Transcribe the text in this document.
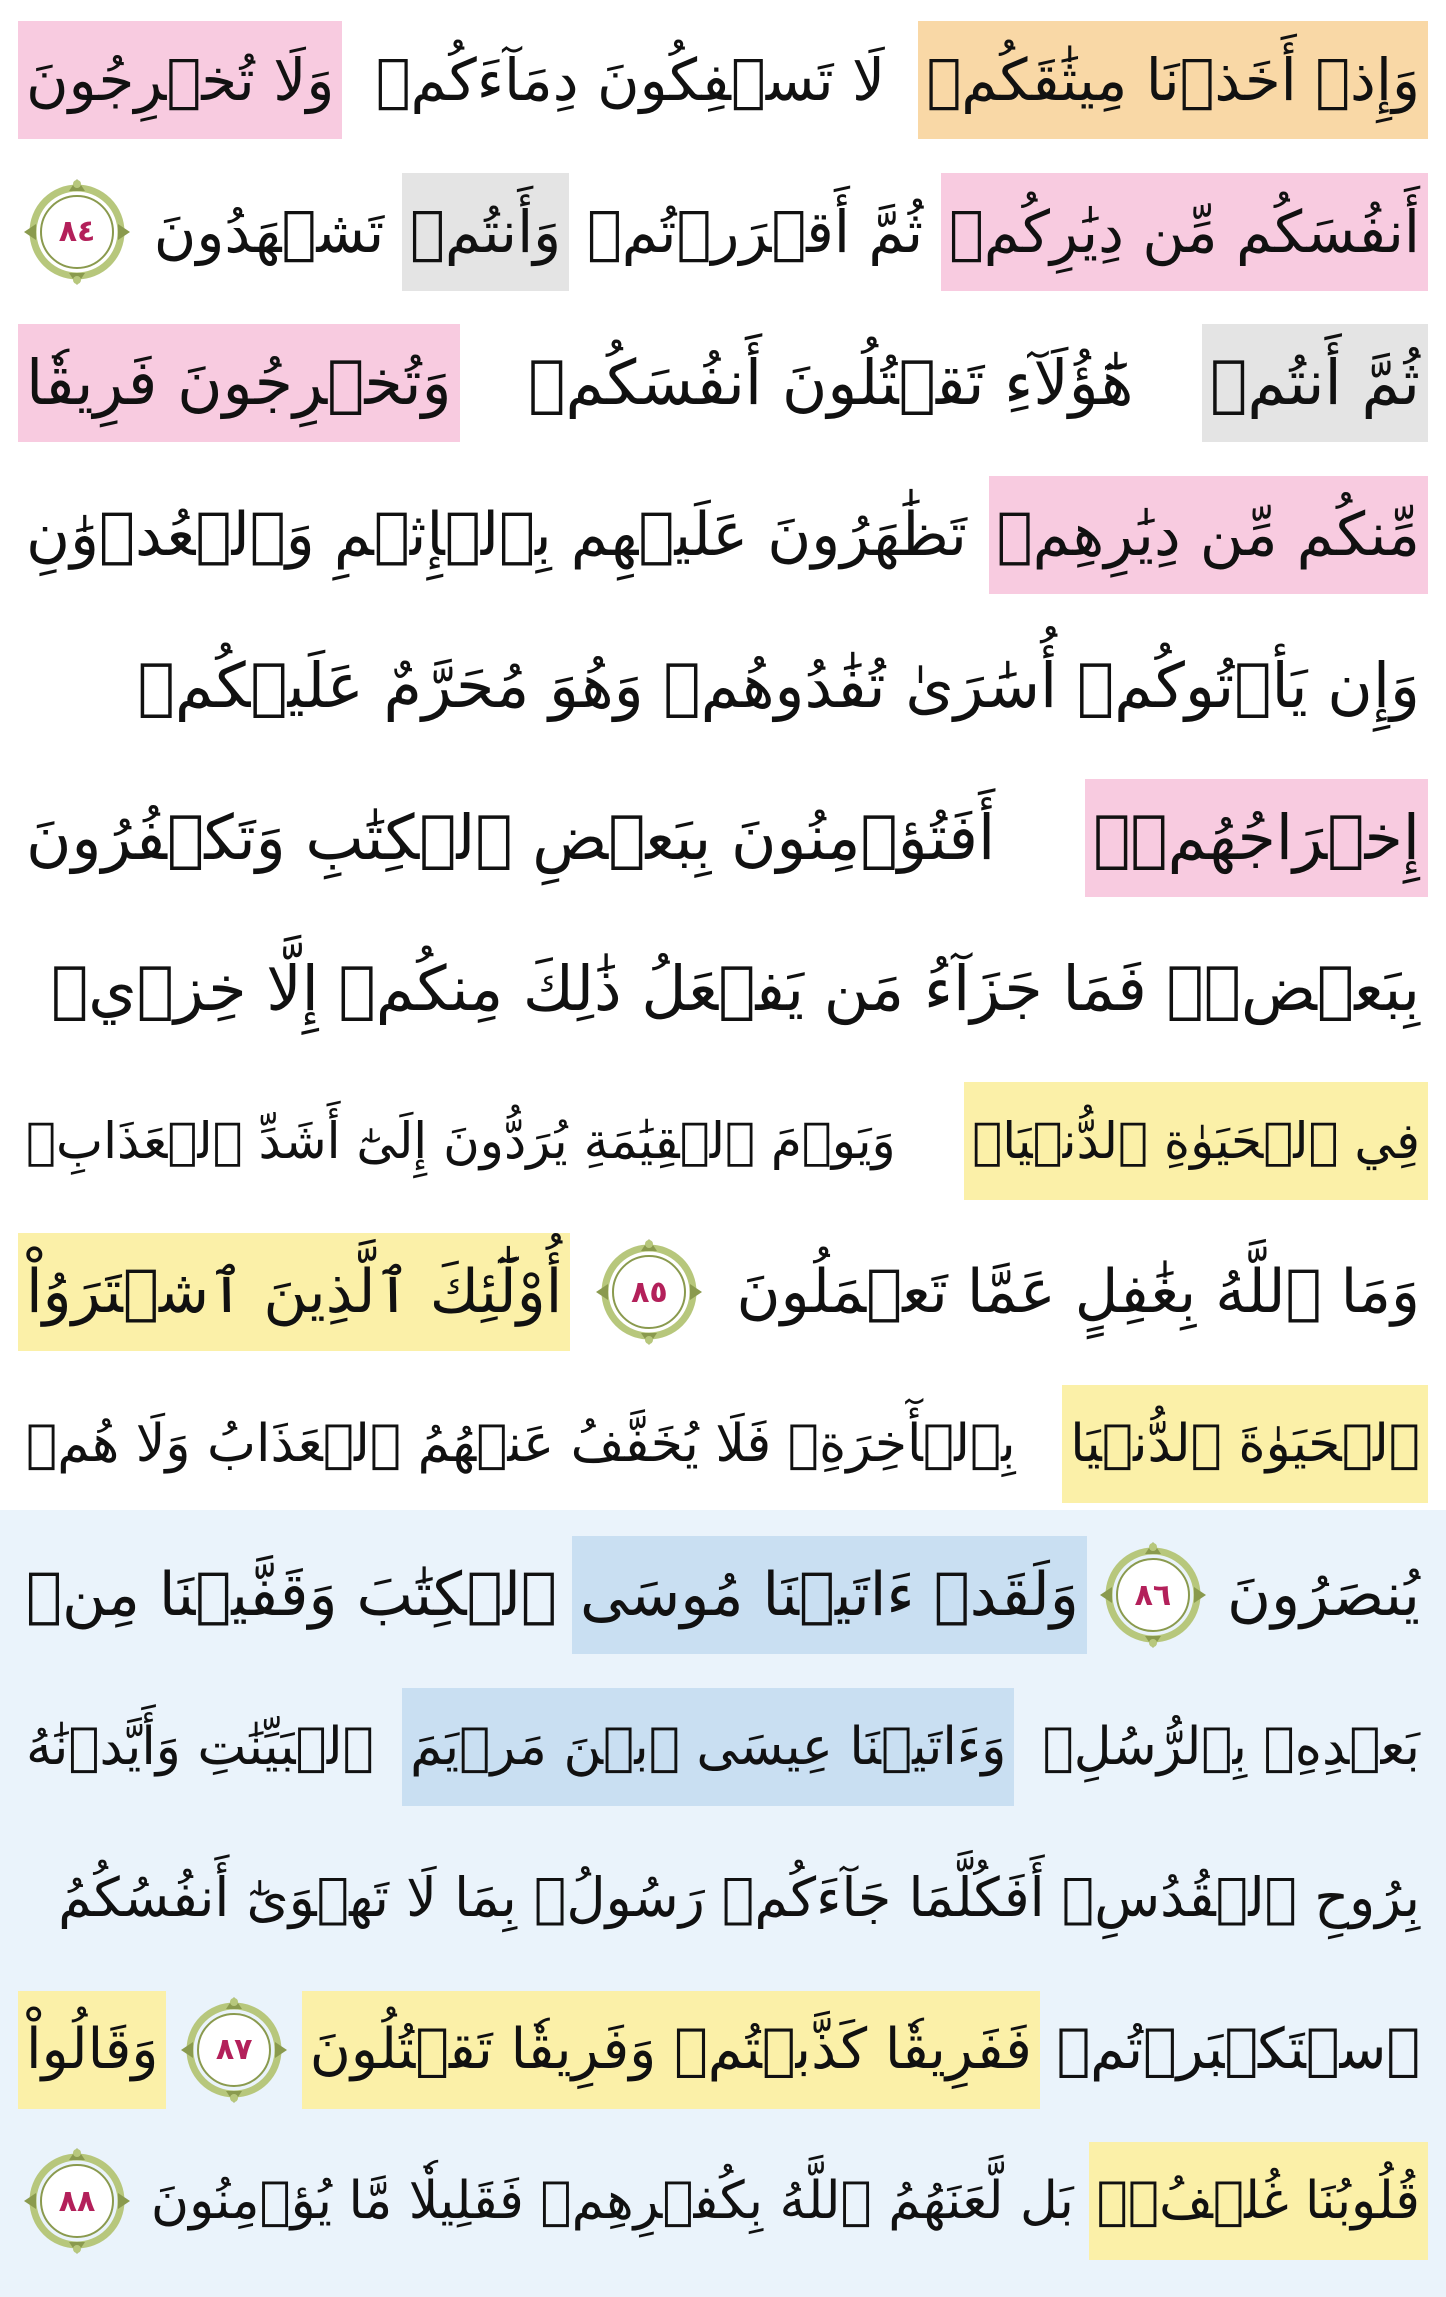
وَإِذۡ أَخَذۡنَا مِيثَٰقَكُمۡ
لَا تَسۡفِكُونَ دِمَآءَكُمۡ
وَلَا تُخۡرِجُونَ
أَنفُسَكُم مِّن دِيَٰرِكُمۡ
ثُمَّ أَقۡرَرۡتُمۡ
وَأَنتُمۡ
تَشۡهَدُونَ
٨٤
ثُمَّ أَنتُمۡ
هَٰٓؤُلَآءِ تَقۡتُلُونَ أَنفُسَكُمۡ
وَتُخۡرِجُونَ فَرِيقٗا
مِّنكُم مِّن دِيَٰرِهِمۡ
تَظَٰهَرُونَ عَلَيۡهِم بِٱلۡإِثۡمِ وَٱلۡعُدۡوَٰنِ
وَإِن يَأۡتُوكُمۡ أُسَٰرَىٰ تُفَٰدُوهُمۡ وَهُوَ مُحَرَّمٌ عَلَيۡكُمۡ
إِخۡرَاجُهُمۡۚ
أَفَتُؤۡمِنُونَ بِبَعۡضِ ٱلۡكِتَٰبِ وَتَكۡفُرُونَ
بِبَعۡضٖۚ فَمَا جَزَآءُ مَن يَفۡعَلُ ذَٰلِكَ مِنكُمۡ إِلَّا خِزۡيٞ
فِي ٱلۡحَيَوٰةِ ٱلدُّنۡيَاۖ
وَيَوۡمَ ٱلۡقِيَٰمَةِ يُرَدُّونَ إِلَىٰٓ أَشَدِّ ٱلۡعَذَابِۗ
وَمَا ٱللَّهُ بِغَٰفِلٍ عَمَّا تَعۡمَلُونَ
٨٥
أُوْلَٰٓئِكَ ٱلَّذِينَ ٱشۡتَرَوُاْ
ٱلۡحَيَوٰةَ ٱلدُّنۡيَا
بِٱلۡأٓخِرَةِۖ فَلَا يُخَفَّفُ عَنۡهُمُ ٱلۡعَذَابُ وَلَا هُمۡ
يُنصَرُونَ
٨٦
وَلَقَدۡ ءَاتَيۡنَا مُوسَى
ٱلۡكِتَٰبَ وَقَفَّيۡنَا مِنۢ
بَعۡدِهِۦ بِٱلرُّسُلِۖ
وَءَاتَيۡنَا عِيسَى ٱبۡنَ مَرۡيَمَ
ٱلۡبَيِّنَٰتِ وَأَيَّدۡنَٰهُ
بِرُوحِ ٱلۡقُدُسِۗ أَفَكُلَّمَا جَآءَكُمۡ رَسُولُۢ بِمَا لَا تَهۡوَىٰٓ أَنفُسُكُمُ
ٱسۡتَكۡبَرۡتُمۡ
فَفَرِيقٗا كَذَّبۡتُمۡ وَفَرِيقٗا تَقۡتُلُونَ
٨٧
وَقَالُواْ
قُلُوبُنَا غُلۡفُۢۚ
بَل لَّعَنَهُمُ ٱللَّهُ بِكُفۡرِهِمۡ فَقَلِيلٗا مَّا يُؤۡمِنُونَ
٨٨
